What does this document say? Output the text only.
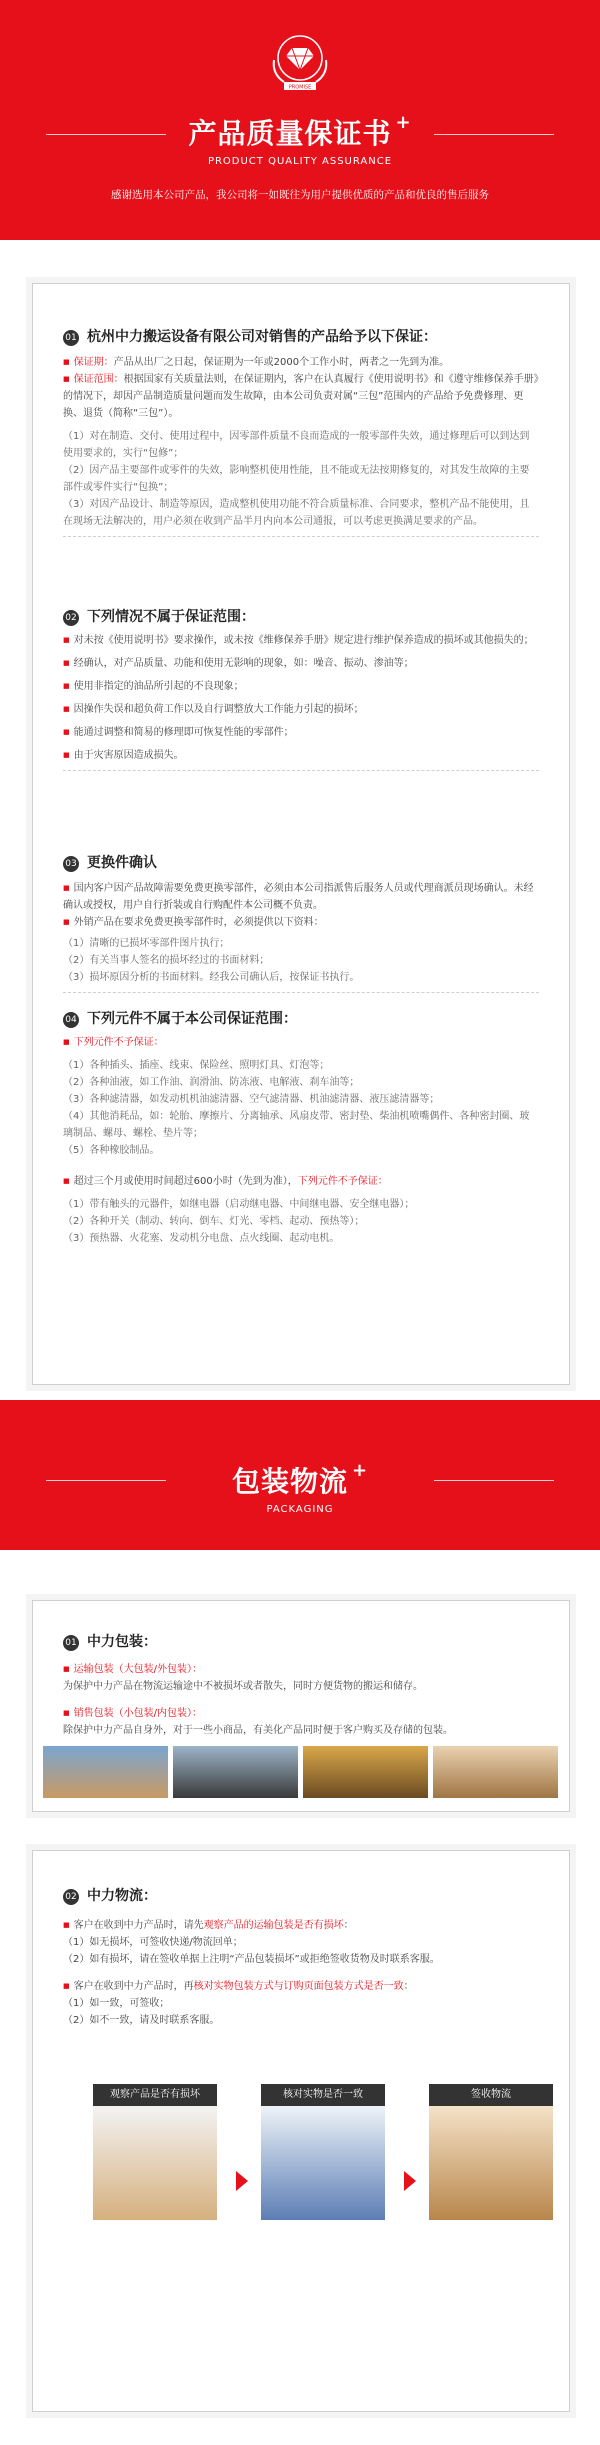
PROMISE
产品质量保证书 +
PRODUCT QUALITY ASSURANCE
感谢选用本公司产品，我公司将一如既往为用户提供优质的产品和优良的售后服务
01 杭州中力搬运设备有限公司对销售的产品给予以下保证：
■ 保证期：产品从出厂之日起，保证期为一年或2000个工作小时，两者之一先到为准。
■ 保证范围：根据国家有关质量法则，在保证期内，客户在认真履行《使用说明书》和《遵守维修保养手册》的情况下，却因产品制造质量问题而发生故障，由本公司负责对属“三包”范围内的产品给予免费修理、更换、退货（简称“三包”）。
（1）对在制造、交付、使用过程中，因零部件质量不良而造成的一般零部件失效，通过修理后可以到达到使用要求的，实行“包修”；
（2）因产品主要部件或零件的失效，影响整机使用性能，且不能或无法按期修复的，对其发生故障的主要部件或零件实行“包换”；
（3）对因产品设计、制造等原因，造成整机使用功能不符合质量标准、合同要求，整机产品不能使用，且在现场无法解决的，用户必须在收到产品半月内向本公司通报，可以考虑更换满足要求的产品。
02 下列情况不属于保证范围：
■ 对未按《使用说明书》要求操作，或未按《维修保养手册》规定进行维护保养造成的损坏或其他损失的；
■ 经确认，对产品质量、功能和使用无影响的现象，如：噪音、振动、渗油等；
■ 使用非指定的油品所引起的不良现象；
■ 因操作失误和超负荷工作以及自行调整放大工作能力引起的损坏；
■ 能通过调整和简易的修理即可恢复性能的零部件；
■ 由于灾害原因造成损失。
03 更换件确认
■ 国内客户因产品故障需要免费更换零部件，必须由本公司指派售后服务人员或代理商派员现场确认。未经确认或授权，用户自行折装或自行购配件本公司概不负责。
■ 外销产品在要求免费更换零部件时，必须提供以下资料：
（1）清晰的已损坏零部件图片执行；
（2）有关当事人签名的损坏经过的书面材料；
（3）损坏原因分析的书面材料。经我公司确认后，按保证书执行。
04 下列元件不属于本公司保证范围：
■ 下列元件不予保证：
（1）各种插头、插座、线束、保险丝、照明灯具、灯泡等；
（2）各种油液，如工作油、润滑油、防冻液、电解液、刹车油等；
（3）各种滤清器，如发动机机油滤清器、空气滤清器、机油滤清器、液压滤清器等；
（4）其他消耗品，如：轮胎、摩擦片、分离轴承、风扇皮带、密封垫、柴油机喷嘴偶件、各种密封圈、玻璃制品、螺母、螺栓、垫片等；
（5）各种橡胶制品。
■ 超过三个月或使用时间超过600小时（先到为准），下列元件不予保证：
（1）带有触头的元器件，如继电器（启动继电器、中间继电器、安全继电器）；
（2）各种开关（制动、转向、倒车、灯光、零档、起动、预热等）；
（3）预热器、火花塞、发动机分电盘、点火线圈、起动电机。
包装物流 +
PACKAGING
01 中力包装：
■ 运输包装（大包装/外包装）：
为保护中力产品在物流运输途中不被损坏或者散失，同时方便货物的搬运和储存。
■ 销售包装（小包装/内包装）：
除保护中力产品自身外，对于一些小商品，有美化产品同时便于客户购买及存储的包装。
02 中力物流：
■ 客户在收到中力产品时，请先观察产品的运输包装是否有损坏：
（1）如无损坏，可签收快递/物流回单；
（2）如有损坏，请在签收单据上注明“产品包装损坏”或拒绝签收货物及时联系客服。
■ 客户在收到中力产品时，再核对实物包装方式与订购页面包装方式是否一致：
（1）如一致，可签收；
（2）如不一致，请及时联系客服。
观察产品是否有损坏	核对实物是否一致	签收物流
